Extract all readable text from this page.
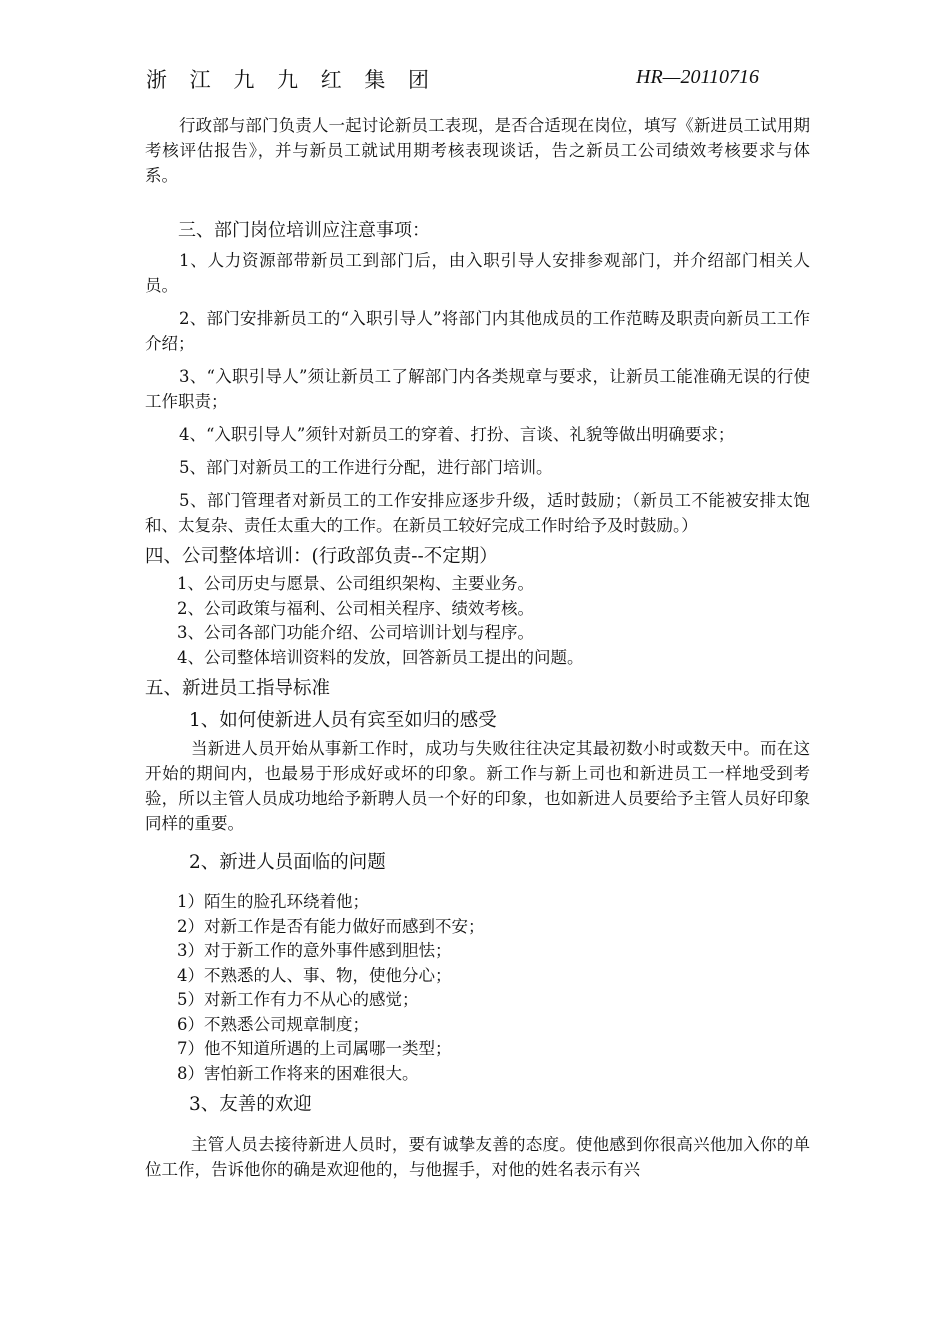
浙 江 九 九 红 集 团	HR—20110716

行政部与部门负责人一起讨论新员工表现，是否合适现在岗位，填写《新进员工试用期考核评估报告》，并与新员工就试用期考核表现谈话，告之新员工公司绩效考核要求与体系。

三、部门岗位培训应注意事项：

1、人力资源部带新员工到部门后，由入职引导人安排参观部门，并介绍部门相关人员。

2、部门安排新员工的“入职引导人”将部门内其他成员的工作范畴及职责向新员工工作介绍；

3、“入职引导人”须让新员工了解部门内各类规章与要求，让新员工能准确无误的行使工作职责；

4、“入职引导人”须针对新员工的穿着、打扮、言谈、礼貌等做出明确要求；

5、部门对新员工的工作进行分配，进行部门培训。

5、部门管理者对新员工的工作安排应逐步升级，适时鼓励；（新员工不能被安排太饱和、太复杂、责任太重大的工作。在新员工较好完成工作时给予及时鼓励。）

四、公司整体培训：(行政部负责--不定期）

1、公司历史与愿景、公司组织架构、主要业务。

2、公司政策与福利、公司相关程序、绩效考核。

3、公司各部门功能介绍、公司培训计划与程序。

4、公司整体培训资料的发放，回答新员工提出的问题。

五、新进员工指导标准

1、如何使新进人员有宾至如归的感受

当新进人员开始从事新工作时，成功与失败往往决定其最初数小时或数天中。而在这开始的期间内，也最易于形成好或坏的印象。新工作与新上司也和新进员工一样地受到考验，所以主管人员成功地给予新聘人员一个好的印象，也如新进人员要给予主管人员好印象同样的重要。

2、新进人员面临的问题

1）陌生的脸孔环绕着他；

2）对新工作是否有能力做好而感到不安；

3）对于新工作的意外事件感到胆怯；

4）不熟悉的人、事、物，使他分心；

5）对新工作有力不从心的感觉；

6）不熟悉公司规章制度；

7）他不知道所遇的上司属哪一类型；

8）害怕新工作将来的困难很大。

3、友善的欢迎

主管人员去接待新进人员时，要有诚挚友善的态度。使他感到你很高兴他加入你的单位工作，告诉他你的确是欢迎他的，与他握手，对他的姓名表示有兴
